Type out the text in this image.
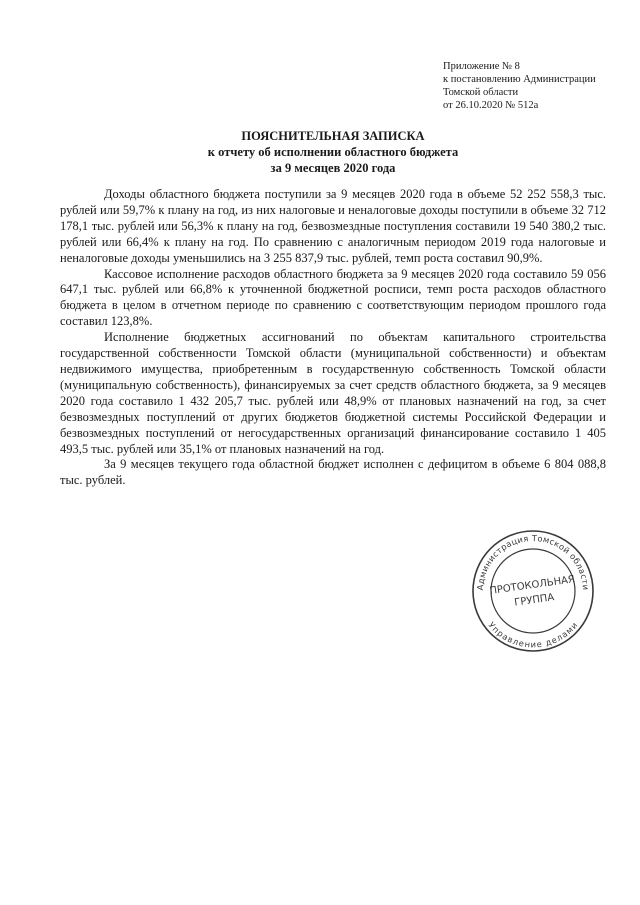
Приложение № 8
к постановлению Администрации
Томской области
от 26.10.2020 № 512а
ПОЯСНИТЕЛЬНАЯ ЗАПИСКА
к отчету об исполнении областного бюджета
за 9 месяцев 2020 года

Доходы областного бюджета поступили за 9 месяцев 2020 года в объеме 52 252 558,3 тыс. рублей или 59,7% к плану на год, из них налоговые и неналоговые доходы поступили в объеме 32 712 178,1 тыс. рублей или 56,3% к плану на год, безвозмездные поступления составили 19 540 380,2 тыс. рублей или 66,4% к плану на год. По сравнению с аналогичным периодом 2019 года налоговые и неналоговые доходы уменьшились на 3 255 837,9 тыс. рублей, темп роста составил 90,9%.

Кассовое исполнение расходов областного бюджета за 9 месяцев 2020 года составило 59 056 647,1 тыс. рублей или 66,8% к уточненной бюджетной росписи, темп роста расходов областного бюджета в целом в отчетном периоде по сравнению с соответствующим периодом прошлого года составил 123,8%.

Исполнение бюджетных ассигнований по объектам капитального строительства государственной собственности Томской области (муниципальной собственности) и объектам недвижимого имущества, приобретенным в государственную собственность Томской области (муниципальную собственность), финансируемых за счет средств областного бюджета, за 9 месяцев 2020 года составило 1 432 205,7 тыс. рублей или 48,9% от плановых назначений на год, за счет безвозмездных поступлений от других бюджетов бюджетной системы Российской Федерации и безвозмездных поступлений от негосударственных организаций финансирование составило 1 405 493,5 тыс. рублей или 35,1% от плановых назначений на год.

За 9 месяцев текущего года областной бюджет исполнен с дефицитом в объеме 6 804 088,8 тыс. рублей.

Администрация Томской области
Управление делами
ПРОТОКОЛЬНАЯ
ГРУППА
